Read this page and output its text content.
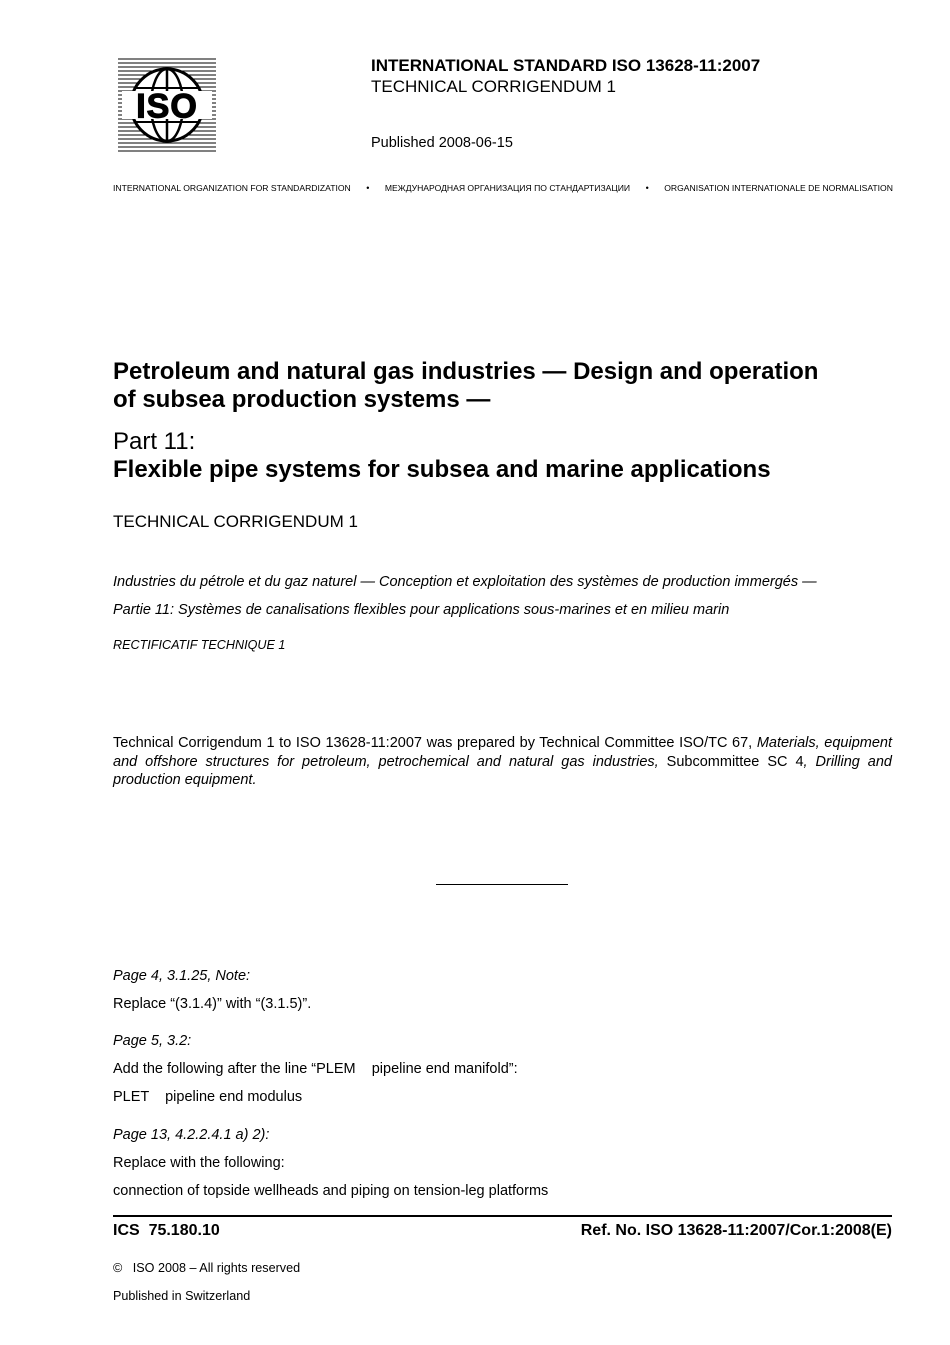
ISO
INTERNATIONAL STANDARD ISO 13628-11:2007
TECHNICAL CORRIGENDUM 1
Published 2008-06-15
INTERNATIONAL ORGANIZATION FOR STANDARDIZATION • МЕЖДУНАРОДНАЯ ОРГАНИЗАЦИЯ ПО СТАНДАРТИЗАЦИИ • ORGANISATION INTERNATIONALE DE NORMALISATION
Petroleum and natural gas industries — Design and operation
of subsea production systems —
Part 11:
Flexible pipe systems for subsea and marine applications
TECHNICAL CORRIGENDUM 1
Industries du pétrole et du gaz naturel — Conception et exploitation des systèmes de production immergés —
Partie 11: Systèmes de canalisations flexibles pour applications sous-marines et en milieu marin
RECTIFICATIF TECHNIQUE 1
Technical Corrigendum 1 to ISO 13628-11:2007 was prepared by Technical Committee ISO/TC 67, Materials, equipment and offshore structures for petroleum, petrochemical and natural gas industries, Subcommittee SC 4, Drilling and production equipment.
Page 4, 3.1.25, Note:
Replace “(3.1.4)” with “(3.1.5)”.
Page 5, 3.2:
Add the following after the line “PLEM    pipeline end manifold”:
PLET    pipeline end modulus
Page 13, 4.2.2.4.1 a) 2):
Replace with the following:
connection of topside wellheads and piping on tension-leg platforms
ICS  75.180.10	Ref. No. ISO 13628-11:2007/Cor.1:2008(E)
©   ISO 2008 – All rights reserved
Published in Switzerland
